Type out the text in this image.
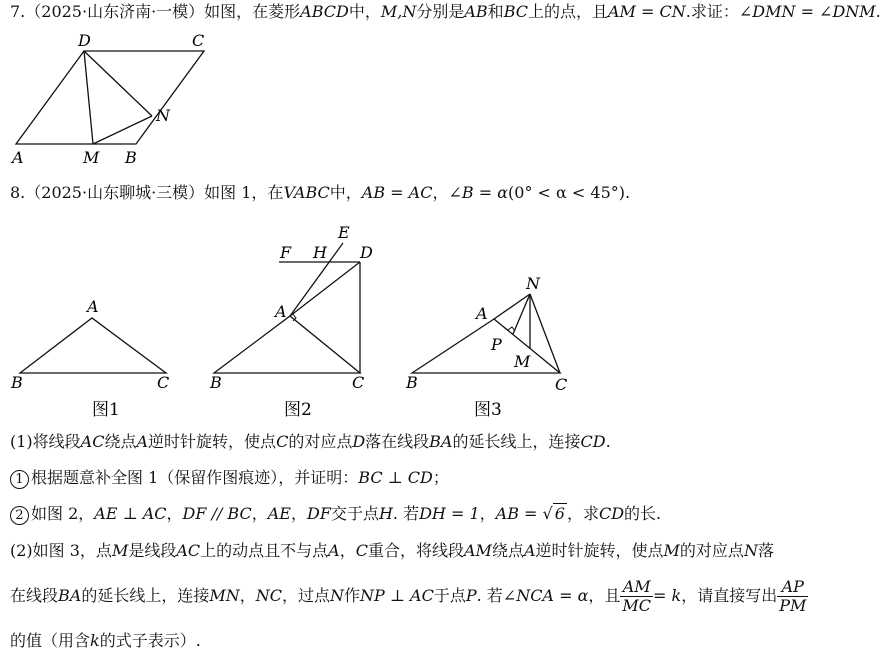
7.（2025·山东济南·一模）如图，在菱形ABCD中，M,N分别是AB和BC上的点，且AM = CN.求证：∠DMN = ∠DNM.
D	C
A	M B
N
A
B	C
图1
E
F H D
A
B	C
图2
N
A
P
M
B	C
图3
8.（2025·山东聊城·三模）如图 1，在VABC中，AB = AC，∠B = α(0° < α < 45°).
(1)将线段AC绕点A逆时针旋转，使点C的对应点D落在线段BA的延长线上，连接CD.
1 根据题意补全图 1（保留作图痕迹），并证明：BC ⊥ CD；
2 如图 2，AE ⊥ AC，DF // BC，AE，DF交于点H. 若DH = 1，AB = √ 6 ，求CD的长.
(2)如图 3，点M是线段AC上的动点且不与点A，C重合，将线段AM绕点A逆时针旋转，使点M的对应点N落
在线段BA的延长线上，连接MN，NC，过点N作NP ⊥ AC于点P. 若∠NCA = α，且 $\frac{AM}{MC} = k$，请直接写出 $\frac{AP}{PM}$
的值（用含k的式子表示）.
